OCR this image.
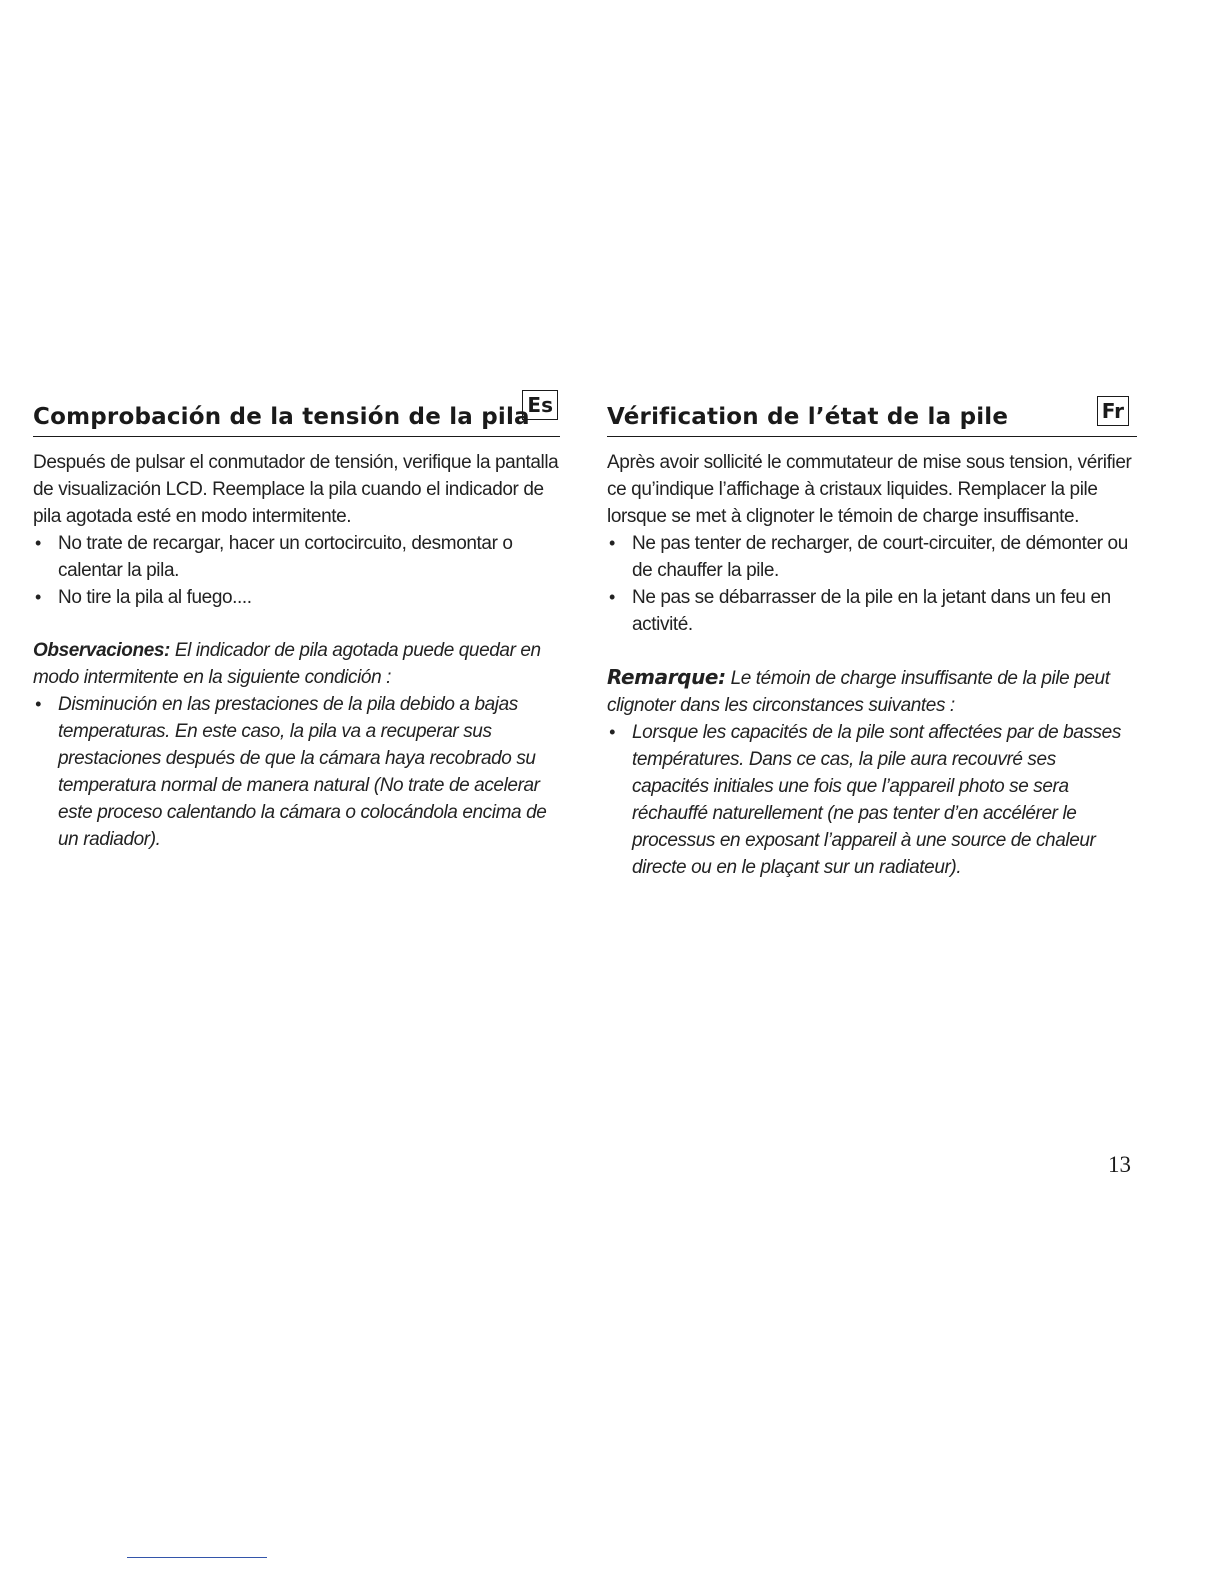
Comprobación de la tensión de la pila
Es

Después de pulsar el conmutador de tensión, verifique la pantalla de visualización LCD. Reemplace la pila cuando el indicador de pila agotada esté en modo intermitente.

• No trate de recargar, hacer un cortocircuito, desmontar o calentar la pila.
• No tire la pila al fuego....
Observaciones: El indicador de pila agotada puede quedar en modo intermitente en la siguiente condición :
• Disminución en las prestaciones de la pila debido a bajas temperaturas. En este caso, la pila va a recuperar sus prestaciones después de que la cámara haya recobrado su temperatura normal de manera natural (No trate de acelerar este proceso calentando la cámara o colocándola encima de un radiador).
Vérification de l’état de la pile	Fr

Après avoir sollicité le commutateur de mise sous tension, vérifier ce qu’indique l’affichage à cristaux liquides. Remplacer la pile lorsque se met à clignoter le témoin de charge insuffisante.

• Ne pas tenter de recharger, de court-circuiter, de démonter ou de chauffer la pile.
• Ne pas se débarrasser de la pile en la jetant dans un feu en activité.
Remarque: Le témoin de charge insuffisante de la pile peut clignoter dans les circonstances suivantes :
• Lorsque les capacités de la pile sont affectées par de basses températures. Dans ce cas, la pile aura recouvré ses capacités initiales une fois que l’appareil photo se sera réchauffé naturellement (ne pas tenter d’en accélérer le processus en exposant l’appareil à une source de chaleur directe ou en le plaçant sur un radiateur).
13
